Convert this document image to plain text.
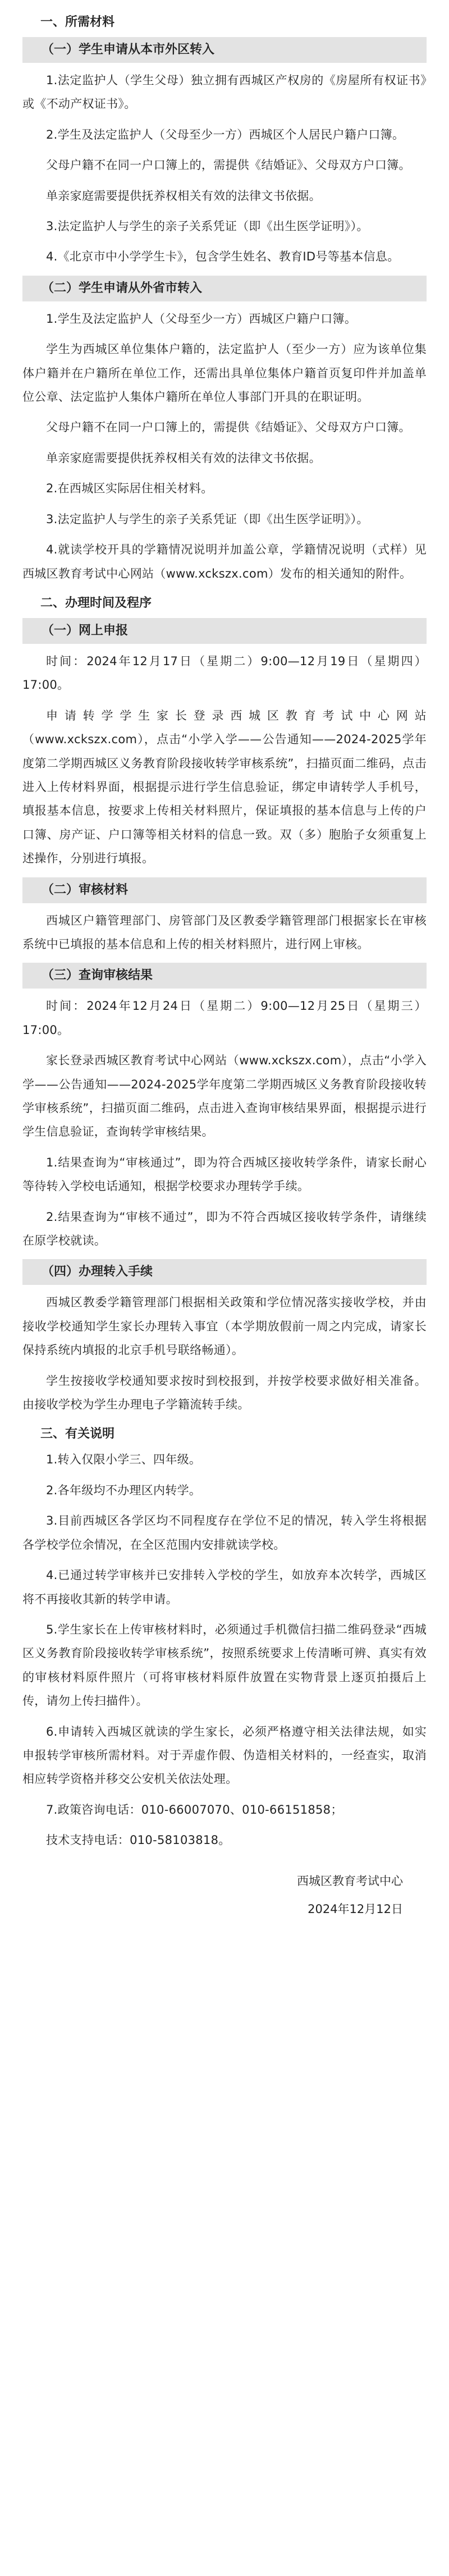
一、所需材料
（一）学生申请从本市外区转入
1.法定监护人（学生父母）独立拥有西城区产权房的《房屋所有权证书》或《不动产权证书》。
2.学生及法定监护人（父母至少一方）西城区个人居民户籍户口簿。
父母户籍不在同一户口簿上的，需提供《结婚证》、父母双方户口簿。
单亲家庭需要提供抚养权相关有效的法律文书依据。
3.法定监护人与学生的亲子关系凭证（即《出生医学证明》）。
4.《北京市中小学学生卡》，包含学生姓名、教育ID号等基本信息。
（二）学生申请从外省市转入
1.学生及法定监护人（父母至少一方）西城区户籍户口簿。
学生为西城区单位集体户籍的，法定监护人（至少一方）应为该单位集体户籍并在户籍所在单位工作，还需出具单位集体户籍首页复印件并加盖单位公章、法定监护人集体户籍所在单位人事部门开具的在职证明。
父母户籍不在同一户口簿上的，需提供《结婚证》、父母双方户口簿。
单亲家庭需要提供抚养权相关有效的法律文书依据。
2.在西城区实际居住相关材料。
3.法定监护人与学生的亲子关系凭证（即《出生医学证明》）。
4.就读学校开具的学籍情况说明并加盖公章，学籍情况说明（式样）见西城区教育考试中心网站（www.xckszx.com）发布的相关通知的附件。
二、办理时间及程序
（一）网上申报
时间：2024年12月17日（星期二）9:00—12月19日（星期四）17:00。
申请转学学生家长登录西城区教育考试中心网站（www.xckszx.com），点击“小学入学——公告通知——2024-2025学年度第二学期西城区义务教育阶段接收转学审核系统”，扫描页面二维码，点击进入上传材料界面，根据提示进行学生信息验证，绑定申请转学人手机号，填报基本信息，按要求上传相关材料照片，保证填报的基本信息与上传的户口簿、房产证、户口簿等相关材料的信息一致。双（多）胞胎子女须重复上述操作，分别进行填报。
（二）审核材料
西城区户籍管理部门、房管部门及区教委学籍管理部门根据家长在审核系统中已填报的基本信息和上传的相关材料照片，进行网上审核。
（三）查询审核结果
时间：2024年12月24日（星期二）9:00—12月25日（星期三）17:00。
家长登录西城区教育考试中心网站（www.xckszx.com），点击“小学入学——公告通知——2024-2025学年度第二学期西城区义务教育阶段接收转学审核系统”，扫描页面二维码，点击进入查询审核结果界面，根据提示进行学生信息验证，查询转学审核结果。
1.结果查询为“审核通过”，即为符合西城区接收转学条件，请家长耐心等待转入学校电话通知，根据学校要求办理转学手续。
2.结果查询为“审核不通过”，即为不符合西城区接收转学条件，请继续在原学校就读。
（四）办理转入手续
西城区教委学籍管理部门根据相关政策和学位情况落实接收学校，并由接收学校通知学生家长办理转入事宜（本学期放假前一周之内完成，请家长保持系统内填报的北京手机号联络畅通）。
学生按接收学校通知要求按时到校报到，并按学校要求做好相关准备。由接收学校为学生办理电子学籍流转手续。
三、有关说明
1.转入仅限小学三、四年级。
2.各年级均不办理区内转学。
3.目前西城区各学区均不同程度存在学位不足的情况，转入学生将根据各学校学位余情况，在全区范围内安排就读学校。
4.已通过转学审核并已安排转入学校的学生，如放弃本次转学，西城区将不再接收其新的转学申请。
5.学生家长在上传审核材料时，必须通过手机微信扫描二维码登录“西城区义务教育阶段接收转学审核系统”，按照系统要求上传清晰可辨、真实有效的审核材料原件照片（可将审核材料原件放置在实物背景上逐页拍摄后上传，请勿上传扫描件）。
6.申请转入西城区就读的学生家长，必须严格遵守相关法律法规，如实申报转学审核所需材料。对于弄虚作假、伪造相关材料的，一经查实，取消相应转学资格并移交公安机关依法处理。
7.政策咨询电话：010-66007070、010-66151858；
技术支持电话：010-58103818。
西城区教育考试中心
2024年12月12日
